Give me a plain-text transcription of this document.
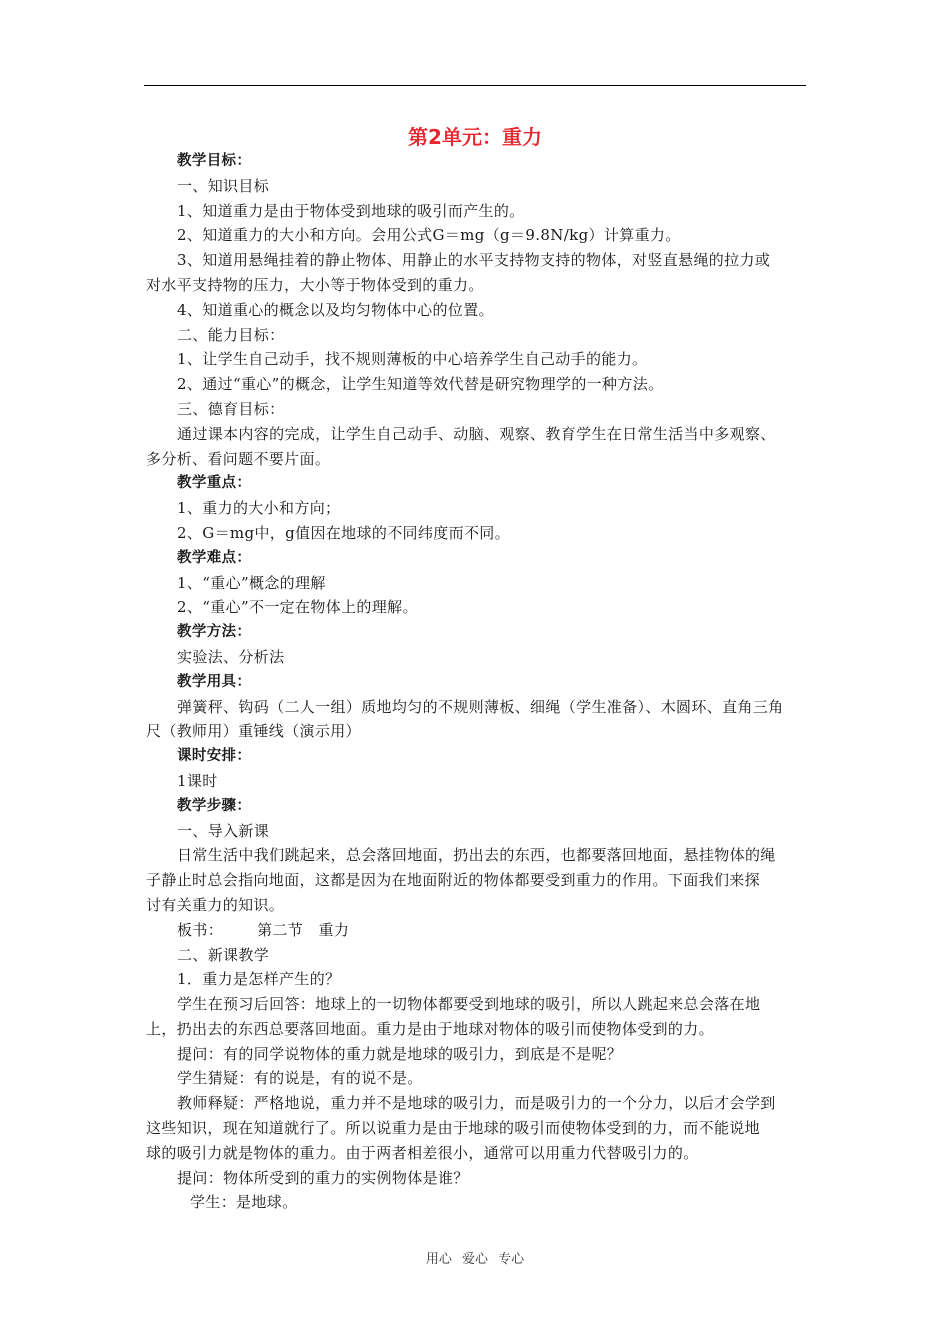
第2单元：重力

教学目标：

一、知识目标

1、知道重力是由于物体受到地球的吸引而产生的。

2、知道重力的大小和方向。会用公式G＝mg（g＝9.8N/kg）计算重力。

3、知道用悬绳挂着的静止物体、用静止的水平支持物支持的物体，对竖直悬绳的拉力或

对水平支持物的压力，大小等于物体受到的重力。

4、知道重心的概念以及均匀物体中心的位置。

二、能力目标：

1、让学生自己动手，找不规则薄板的中心培养学生自己动手的能力。

2、通过“重心”的概念，让学生知道等效代替是研究物理学的一种方法。

三、德育目标：

通过课本内容的完成，让学生自己动手、动脑、观察、教育学生在日常生活当中多观察、

多分析、看问题不要片面。

教学重点：

1、重力的大小和方向；

2、G＝mg中，g值因在地球的不同纬度而不同。

教学难点：

1、“重心”概念的理解

2、“重心”不一定在物体上的理解。

教学方法：

实验法、分析法

教学用具：

弹簧秤、钩码（二人一组）质地均匀的不规则薄板、细绳（学生准备）、木圆环、直角三角

尺（教师用）重锤线（演示用）

课时安排：

1课时

教学步骤：

一、导入新课

日常生活中我们跳起来，总会落回地面，扔出去的东西，也都要落回地面，悬挂物体的绳

子静止时总会指向地面，这都是因为在地面附近的物体都要受到重力的作用。下面我们来探

讨有关重力的知识。

板书： 第二节　重力

二、新课教学

1．重力是怎样产生的？

学生在预习后回答：地球上的一切物体都要受到地球的吸引，所以人跳起来总会落在地

上，扔出去的东西总要落回地面。重力是由于地球对物体的吸引而使物体受到的力。

提问：有的同学说物体的重力就是地球的吸引力，到底是不是呢？

学生猜疑：有的说是，有的说不是。

教师释疑：严格地说，重力并不是地球的吸引力，而是吸引力的一个分力，以后才会学到

这些知识，现在知道就行了。所以说重力是由于地球的吸引而使物体受到的力，而不能说地

球的吸引力就是物体的重力。由于两者相差很小，通常可以用重力代替吸引力的。

提问：物体所受到的重力的实例物体是谁？

学生：是地球。

用心 爱心 专心
